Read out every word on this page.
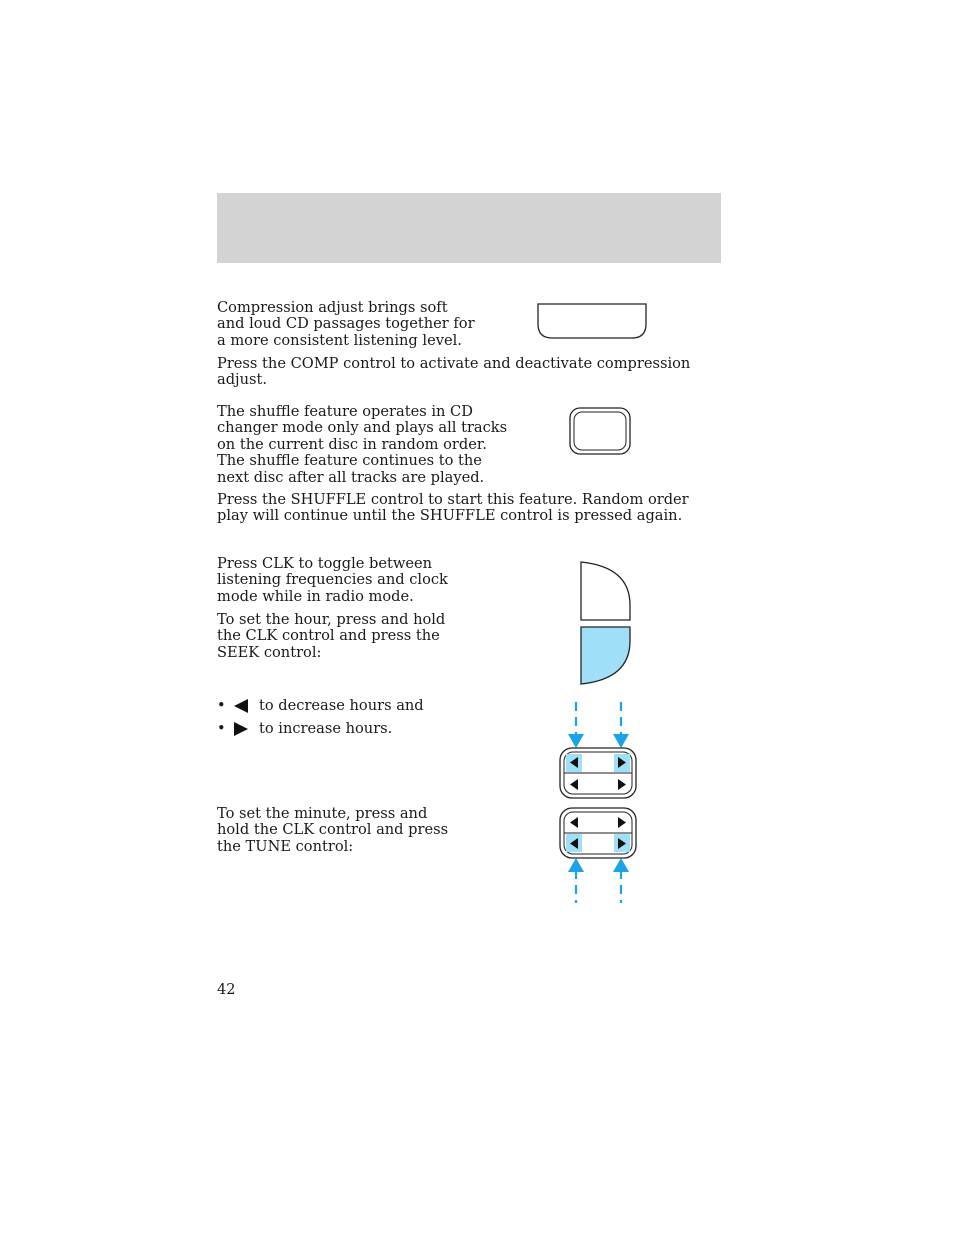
Compression adjust brings soft and loud CD passages together for a more consistent listening level.

Press the COMP control to activate and deactivate compression adjust.

The shuffle feature operates in CD changer mode only and plays all tracks on the current disc in random order. The shuffle feature continues to the next disc after all tracks are played.

Press the SHUFFLE control to start this feature. Random order play will continue until the SHUFFLE control is pressed again.

Press CLK to toggle between listening frequencies and clock mode while in radio mode.

To set the hour, press and hold the CLK control and press the SEEK control:

•	to decrease hours and
•	to increase hours.

To set the minute, press and hold the CLK control and press the TUNE control:

42
